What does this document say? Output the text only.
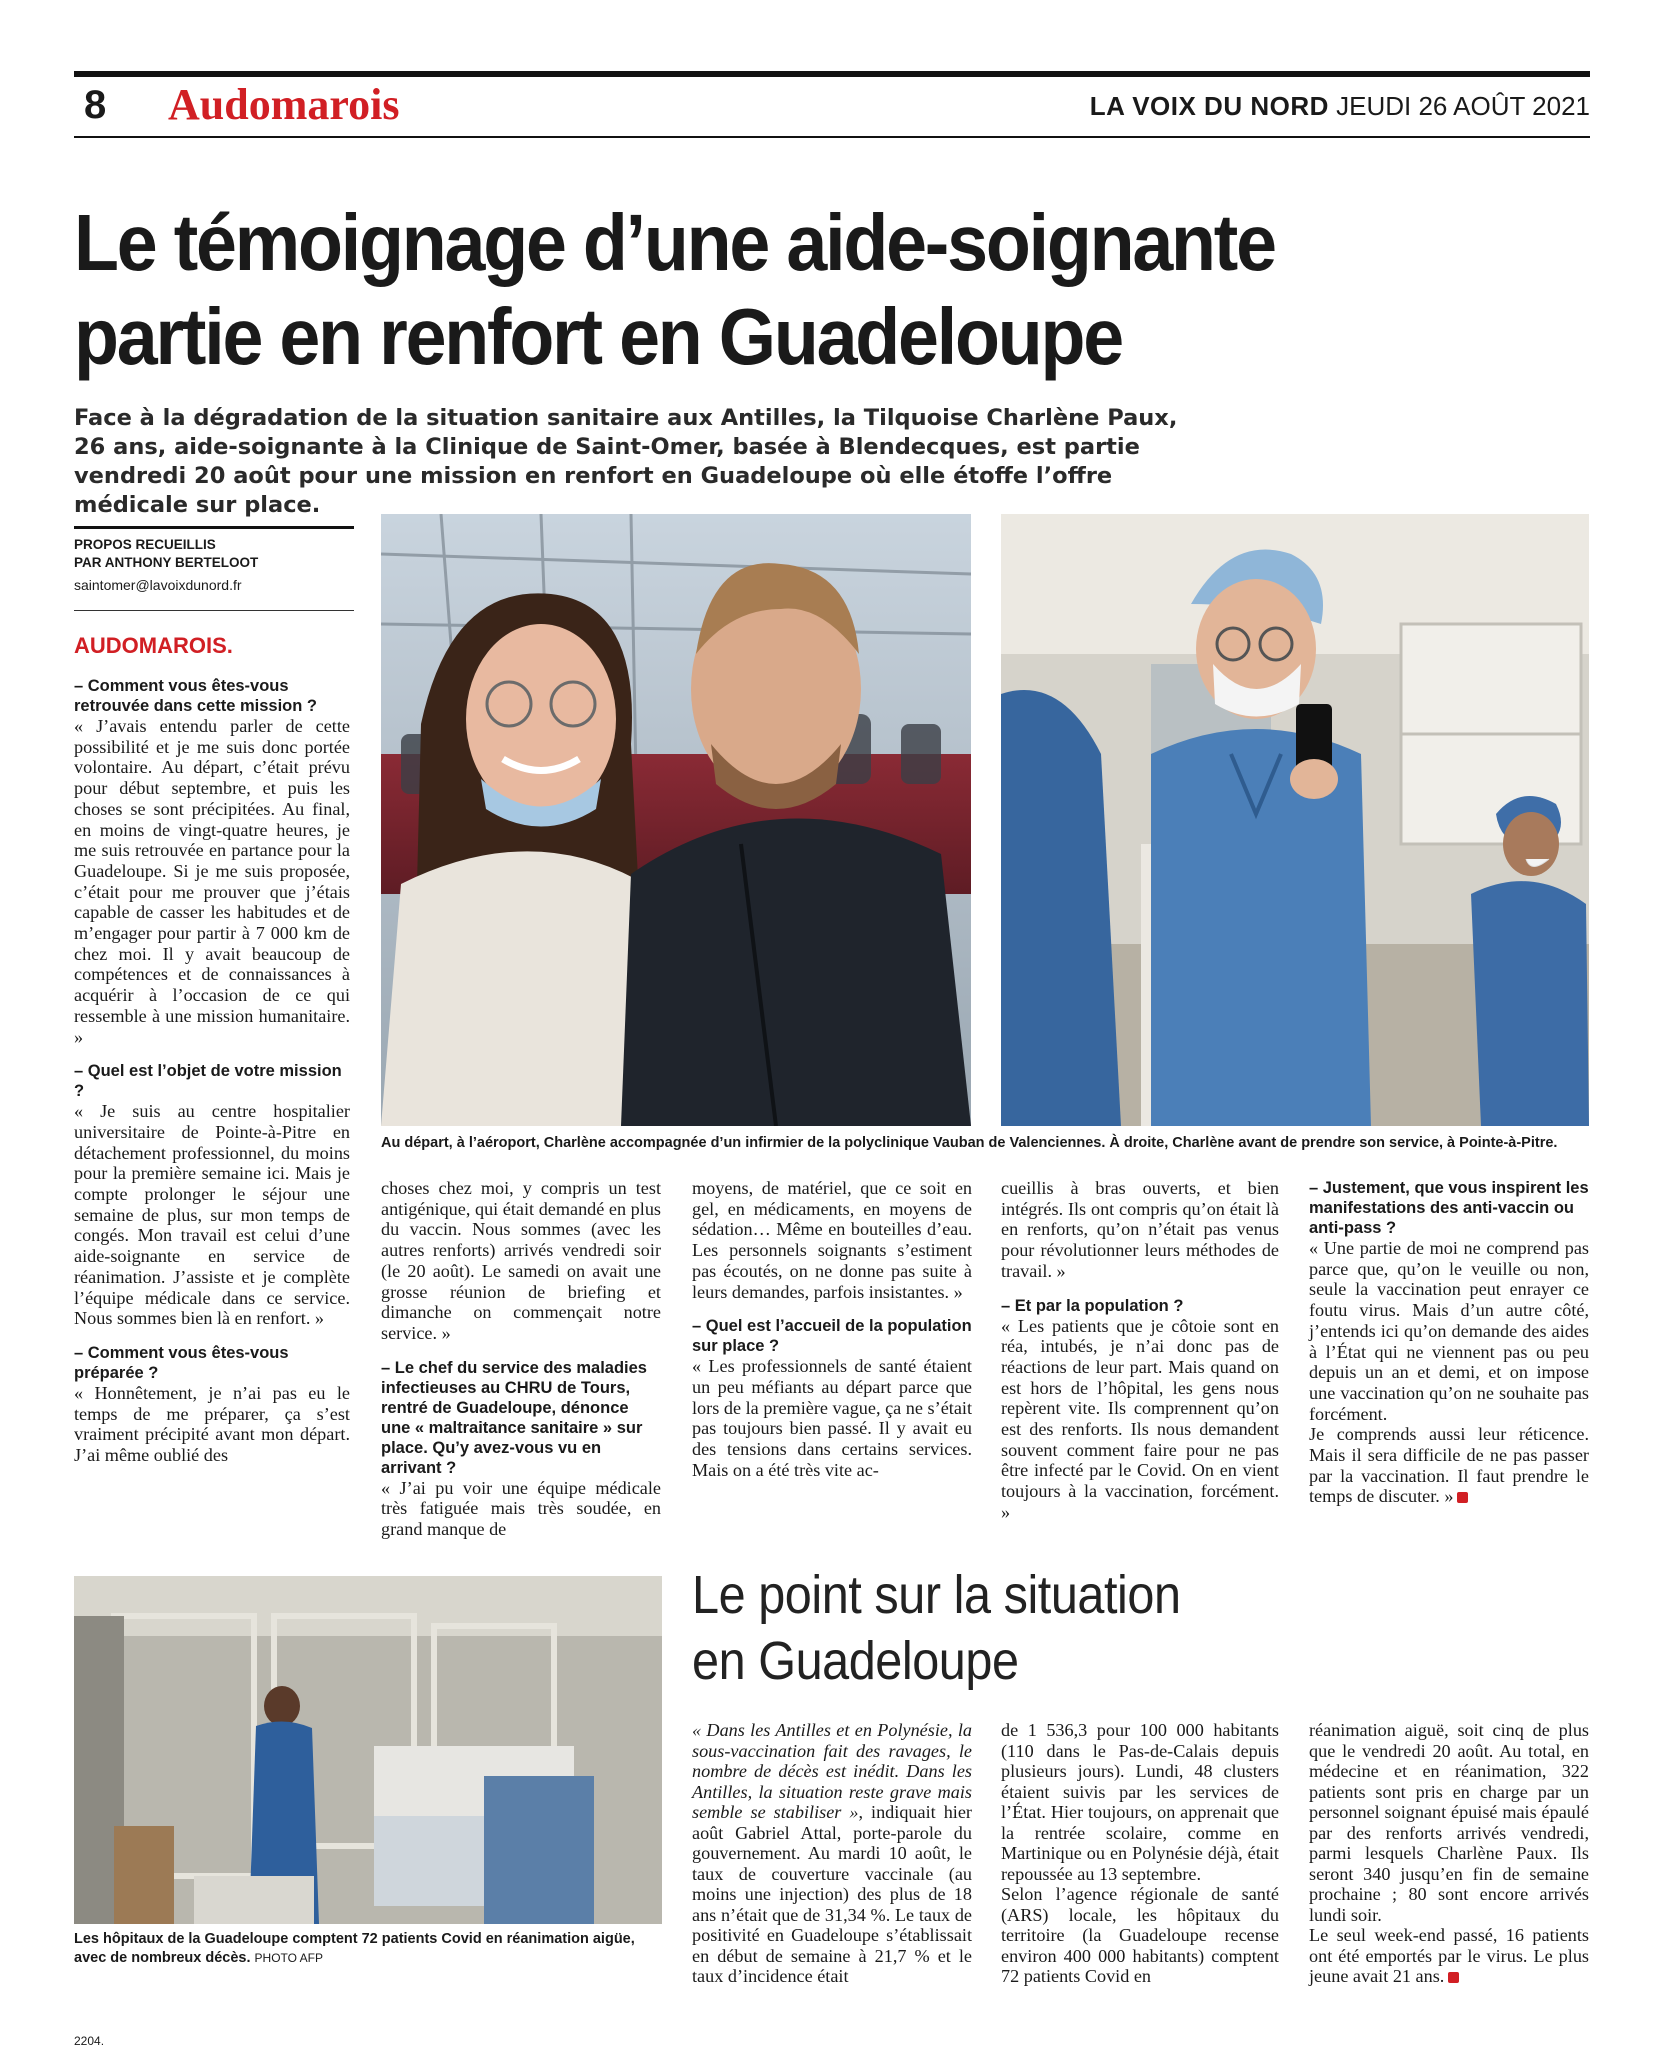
8 Audomarois	LA VOIX DU NORD JEUDI 26 AOÛT 2021
Le témoignage d’une aide-soignante
partie en renfort en Guadeloupe
Face à la dégradation de la situation sanitaire aux Antilles, la Tilquoise Charlène Paux, 26 ans, aide-soignante à la Clinique de Saint-Omer, basée à Blendecques, est partie vendredi 20 août pour une mission en renfort en Guadeloupe où elle étoffe l’offre médicale sur place.
PROPOS RECUEILLIS
PAR ANTHONY BERTELOOT
saintomer@lavoixdunord.fr
AUDOMAROIS.

– Comment vous êtes-vous retrouvée dans cette mission ?

« J’avais entendu parler de cette possibilité et je me suis donc portée volontaire. Au départ, c’était prévu pour début septembre, et puis les choses se sont précipitées. Au final, en moins de vingt-quatre heures, je me suis retrouvée en partance pour la Guadeloupe. Si je me suis proposée, c’était pour me prouver que j’étais capable de casser les habitudes et de m’engager pour partir à 7 000 km de chez moi. Il y avait beaucoup de compétences et de connaissances à acquérir à l’occasion de ce qui ressemble à une mission humanitaire. »

– Quel est l’objet de votre mission ?

« Je suis au centre hospitalier universitaire de Pointe-à-Pitre en détachement professionnel, du moins pour la première semaine ici. Mais je compte prolonger le séjour une semaine de plus, sur mon temps de congés. Mon travail est celui d’une aide-soignante en service de réanimation. J’assiste et je complète l’équipe médicale dans ce service. Nous sommes bien là en renfort. »

– Comment vous êtes-vous préparée ?

« Honnêtement, je n’ai pas eu le temps de me préparer, ça s’est vraiment précipité avant mon départ. J’ai même oublié des

choses chez moi, y compris un test antigénique, qui était demandé en plus du vaccin. Nous sommes (avec les autres renforts) arrivés vendredi soir (le 20 août). Le samedi on avait une grosse réunion de briefing et dimanche on commençait notre service. »

– Le chef du service des maladies infectieuses au CHRU de Tours, rentré de Guadeloupe, dénonce une « maltraitance sanitaire » sur place. Qu’y avez-vous vu en arrivant ?

« J’ai pu voir une équipe médicale très fatiguée mais très soudée, en grand manque de

moyens, de matériel, que ce soit en gel, en médicaments, en moyens de sédation… Même en bouteilles d’eau. Les personnels soignants s’estiment pas écoutés, on ne donne pas suite à leurs demandes, parfois insistantes. »

– Quel est l’accueil de la population sur place ?

« Les professionnels de santé étaient un peu méfiants au départ parce que lors de la première vague, ça ne s’était pas toujours bien passé. Il y avait eu des tensions dans certains services. Mais on a été très vite ac-

cueillis à bras ouverts, et bien intégrés. Ils ont compris qu’on était là en renforts, qu’on n’était pas venus pour révolutionner leurs méthodes de travail. »

– Et par la population ?

« Les patients que je côtoie sont en réa, intubés, je n’ai donc pas de réactions de leur part. Mais quand on est hors de l’hôpital, les gens nous repèrent vite. Ils comprennent qu’on est des renforts. Ils nous demandent souvent comment faire pour ne pas être infecté par le Covid. On en vient toujours à la vaccination, forcément. »

– Justement, que vous inspirent les manifestations des anti-vaccin ou anti-pass ?

« Une partie de moi ne comprend pas parce que, qu’on le veuille ou non, seule la vaccination peut enrayer ce foutu virus. Mais d’un autre côté, j’entends ici qu’on demande des aides à l’État qui ne viennent pas ou peu depuis un an et demi, et on impose une vaccination qu’on ne souhaite pas forcément.

Je comprends aussi leur réticence. Mais il sera difficile de ne pas passer par la vaccination. Il faut prendre le temps de discuter. »

Au départ, à l’aéroport, Charlène accompagnée d’un infirmier de la polyclinique Vauban de Valenciennes. À droite, Charlène avant de prendre son service, à Pointe-à-Pitre.
Les hôpitaux de la Guadeloupe comptent 72 patients Covid en réanimation aigüe, avec de nombreux décès. PHOTO AFP
Le point sur la situation
en Guadeloupe

« Dans les Antilles et en Polynésie, la sous-vaccination fait des ravages, le nombre de décès est inédit. Dans les Antilles, la situation reste grave mais semble se stabiliser », indiquait hier août Gabriel Attal, porte-parole du gouvernement. Au mardi 10 août, le taux de couverture vaccinale (au moins une injection) des plus de 18 ans n’était que de 31,34 %. Le taux de positivité en Guadeloupe s’établissait en début de semaine à 21,7 % et le taux d’incidence était

de 1 536,3 pour 100 000 habitants (110 dans le Pas-de-Calais depuis plusieurs jours). Lundi, 48 clusters étaient suivis par les services de l’État. Hier toujours, on apprenait que la rentrée scolaire, comme en Martinique ou en Polynésie déjà, était repoussée au 13 septembre.

Selon l’agence régionale de santé (ARS) locale, les hôpitaux du territoire (la Guadeloupe recense environ 400 000 habitants) comptent 72 patients Covid en

réanimation aiguë, soit cinq de plus que le vendredi 20 août. Au total, en médecine et en réanimation, 322 patients sont pris en charge par un personnel soignant épuisé mais épaulé par des renforts arrivés vendredi, parmi lesquels Charlène Paux. Ils seront 340 jusqu’en fin de semaine prochaine ; 80 sont encore arrivés lundi soir.

Le seul week-end passé, 16 patients ont été emportés par le virus. Le plus jeune avait 21 ans.

2204.
